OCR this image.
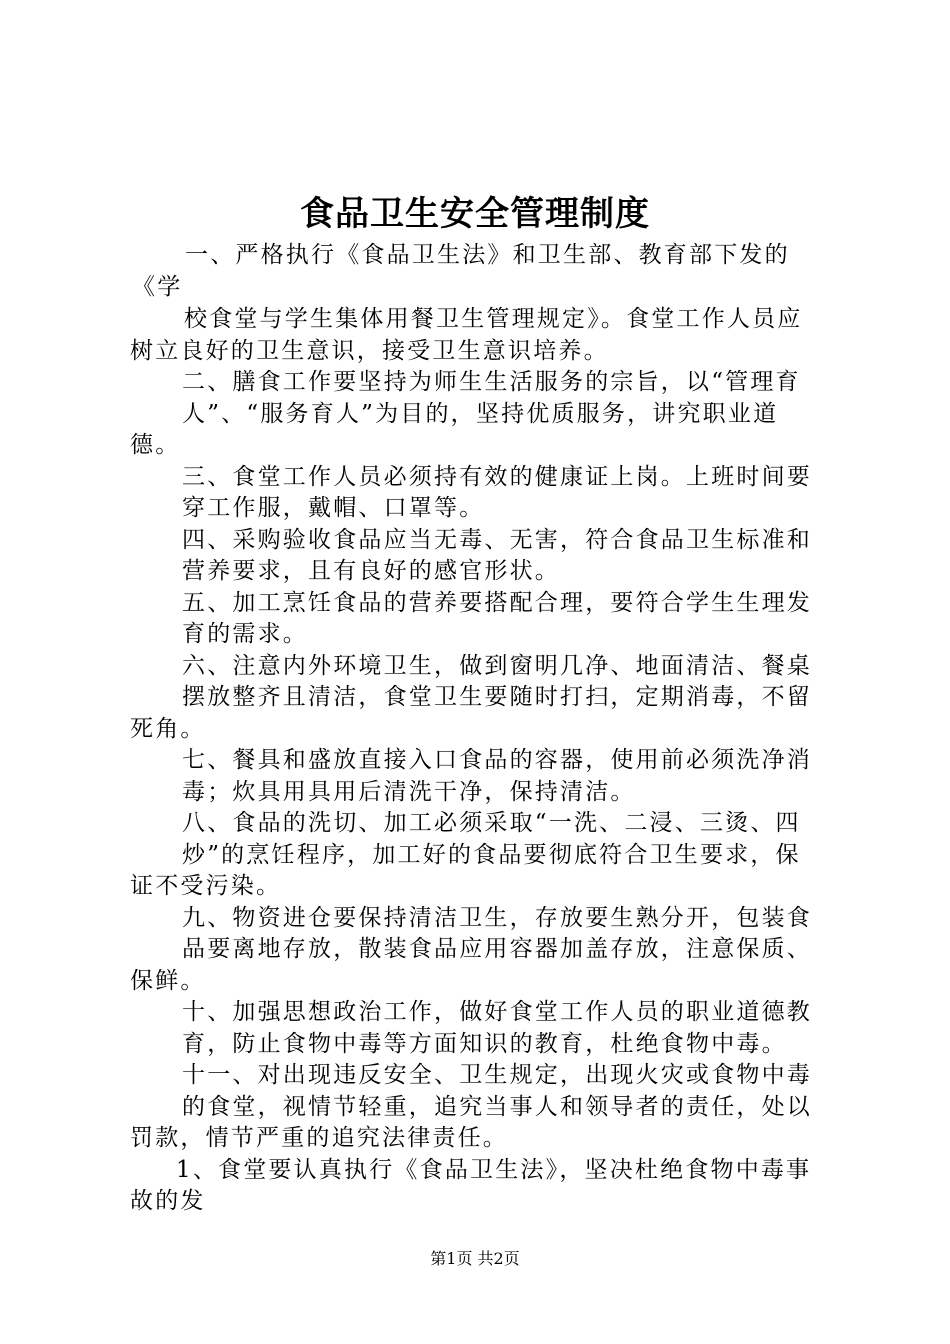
食品卫生安全管理制度
一、严格执行《食品卫生法》和卫生部、教育部下发的
《学
校食堂与学生集体用餐卫生管理规定》。食堂工作人员应
树立良好的卫生意识，接受卫生意识培养。
二、膳食工作要坚持为师生生活服务的宗旨，以“管理育
人”、“服务育人”为目的，坚持优质服务，讲究职业道
德。
三、食堂工作人员必须持有效的健康证上岗。上班时间要
穿工作服，戴帽、口罩等。
四、采购验收食品应当无毒、无害，符合食品卫生标准和
营养要求，且有良好的感官形状。
五、加工烹饪食品的营养要搭配合理，要符合学生生理发
育的需求。
六、注意内外环境卫生，做到窗明几净、地面清洁、餐桌
摆放整齐且清洁，食堂卫生要随时打扫，定期消毒，不留
死角。
七、餐具和盛放直接入口食品的容器，使用前必须洗净消
毒；炊具用具用后清洗干净，保持清洁。
八、食品的洗切、加工必须采取“一洗、二浸、三烫、四
炒”的烹饪程序，加工好的食品要彻底符合卫生要求，保
证不受污染。
九、物资进仓要保持清洁卫生，存放要生熟分开，包装食
品要离地存放，散装食品应用容器加盖存放，注意保质、
保鲜。
十、加强思想政治工作，做好食堂工作人员的职业道德教
育，防止食物中毒等方面知识的教育，杜绝食物中毒。
十一、对出现违反安全、卫生规定，出现火灾或食物中毒
的食堂，视情节轻重，追究当事人和领导者的责任，处以
罚款，情节严重的追究法律责任。
1、食堂要认真执行《食品卫生法》，坚决杜绝食物中毒事
故的发
第1页 共2页
